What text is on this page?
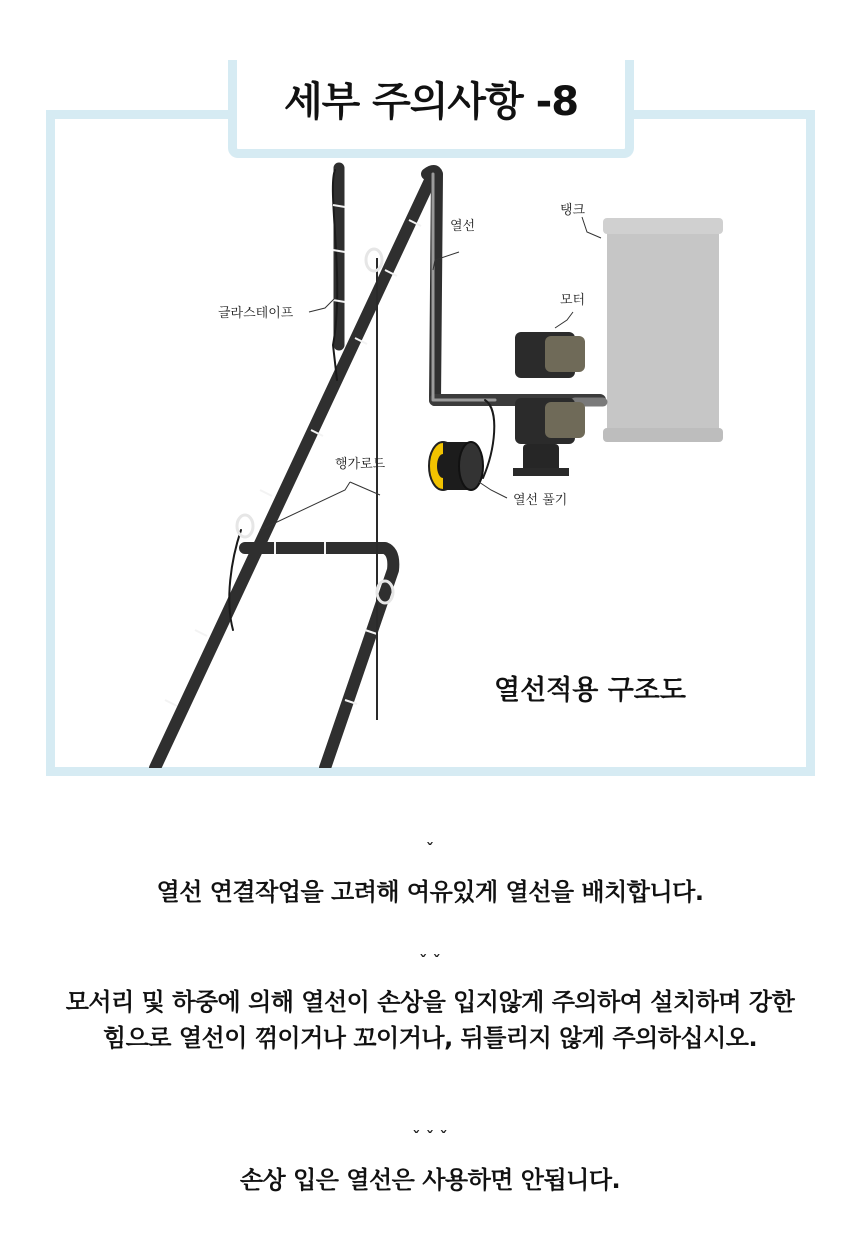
세부 주의사항 -8
글라스테이프
열선
탱크
모터
행가로드
열선 풀기
열선적용 구조도
ˇ
열선 연결작업을 고려해 여유있게 열선을 배치합니다.
ˇ ˇ
모서리 및 하중에 의해 열선이 손상을 입지않게 주의하여 설치하며 강한 힘으로 열선이 꺾이거나 꼬이거나, 뒤틀리지 않게 주의하십시오.
ˇ ˇ ˇ
손상 입은 열선은 사용하면 안됩니다.
